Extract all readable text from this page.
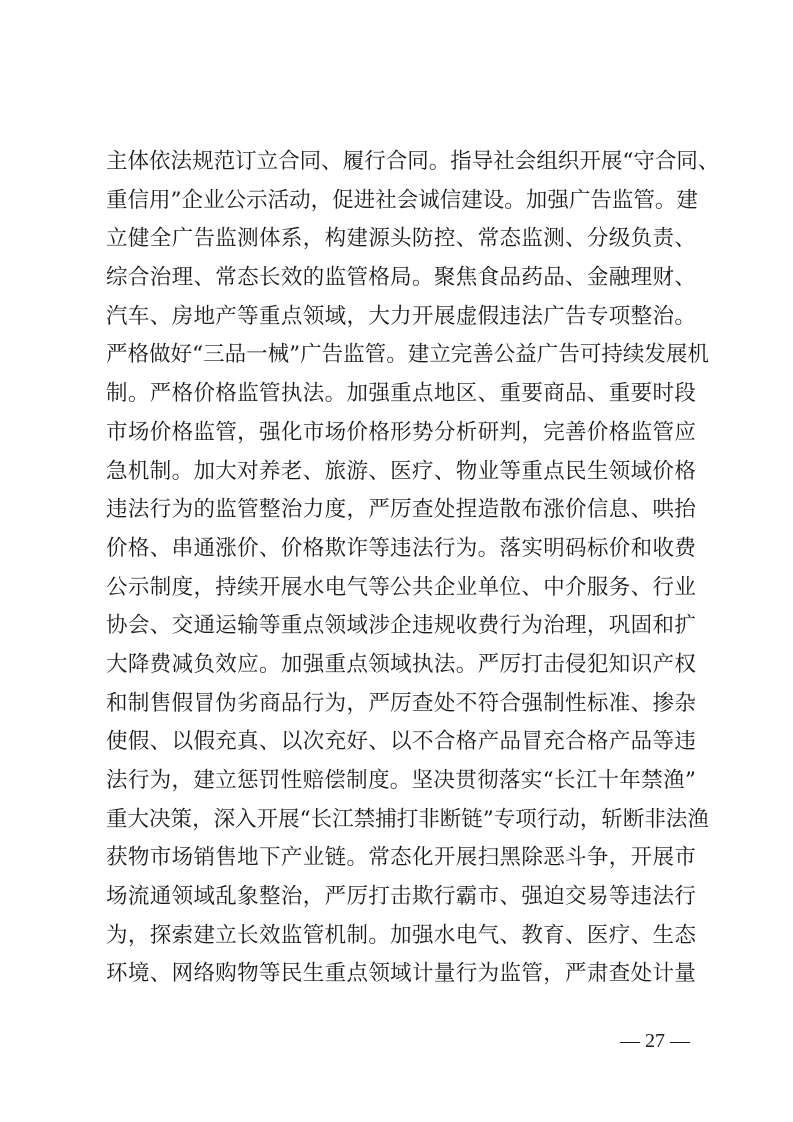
主 体 依 法 规 范 订 立 合 同 、 履 行 合 同 。 指 导 社 会 组 织 开 展 “ 守 合 同 、
重 信 用 ” 企 业 公 示 活 动 ， 促 进 社 会 诚 信 建 设 。 加 强 广 告 监 管 。 建
立 健 全 广 告 监 测 体 系 ， 构 建 源 头 防 控 、 常 态 监 测 、 分 级 负 责 、
综 合 治 理 、 常 态 长 效 的 监 管 格 局 。 聚 焦 食 品 药 品 、 金 融 理 财 、
汽 车 、 房 地 产 等 重 点 领 域 ， 大 力 开 展 虚 假 违 法 广 告 专 项 整 治 。
严 格 做 好 “ 三 品 一 械 ” 广 告 监 管 。 建 立 完 善 公 益 广 告 可 持 续 发 展 机
制 。 严 格 价 格 监 管 执 法 。 加 强 重 点 地 区 、 重 要 商 品 、 重 要 时 段
市 场 价 格 监 管 ， 强 化 市 场 价 格 形 势 分 析 研 判 ， 完 善 价 格 监 管 应
急 机 制 。 加 大 对 养 老 、 旅 游 、 医 疗 、 物 业 等 重 点 民 生 领 域 价 格
违 法 行 为 的 监 管 整 治 力 度 ， 严 厉 查 处 捏 造 散 布 涨 价 信 息 、 哄 抬
价 格 、 串 通 涨 价 、 价 格 欺 诈 等 违 法 行 为 。 落 实 明 码 标 价 和 收 费
公 示 制 度 ， 持 续 开 展 水 电 气 等 公 共 企 业 单 位 、 中 介 服 务 、 行 业
协 会 、 交 通 运 输 等 重 点 领 域 涉 企 违 规 收 费 行 为 治 理 ， 巩 固 和 扩
大 降 费 减 负 效 应 。 加 强 重 点 领 域 执 法 。 严 厉 打 击 侵 犯 知 识 产 权
和 制 售 假 冒 伪 劣 商 品 行 为 ， 严 厉 查 处 不 符 合 强 制 性 标 准 、 掺 杂
使 假 、 以 假 充 真 、 以 次 充 好 、 以 不 合 格 产 品 冒 充 合 格 产 品 等 违
法 行 为 ， 建 立 惩 罚 性 赔 偿 制 度 。 坚 决 贯 彻 落 实 “ 长 江 十 年 禁 渔 ”
重 大 决 策 ， 深 入 开 展 “ 长 江 禁 捕 打 非 断 链 ” 专 项 行 动 ， 斩 断 非 法 渔
获 物 市 场 销 售 地 下 产 业 链 。 常 态 化 开 展 扫 黑 除 恶 斗 争 ， 开 展 市
场 流 通 领 域 乱 象 整 治 ， 严 厉 打 击 欺 行 霸 市 、 强 迫 交 易 等 违 法 行
为 ， 探 索 建 立 长 效 监 管 机 制 。 加 强 水 电 气 、 教 育 、 医 疗 、 生 态
环 境 、 网 络 购 物 等 民 生 重 点 领 域 计 量 行 为 监 管 ， 严 肃 查 处 计 量
— 27 —
